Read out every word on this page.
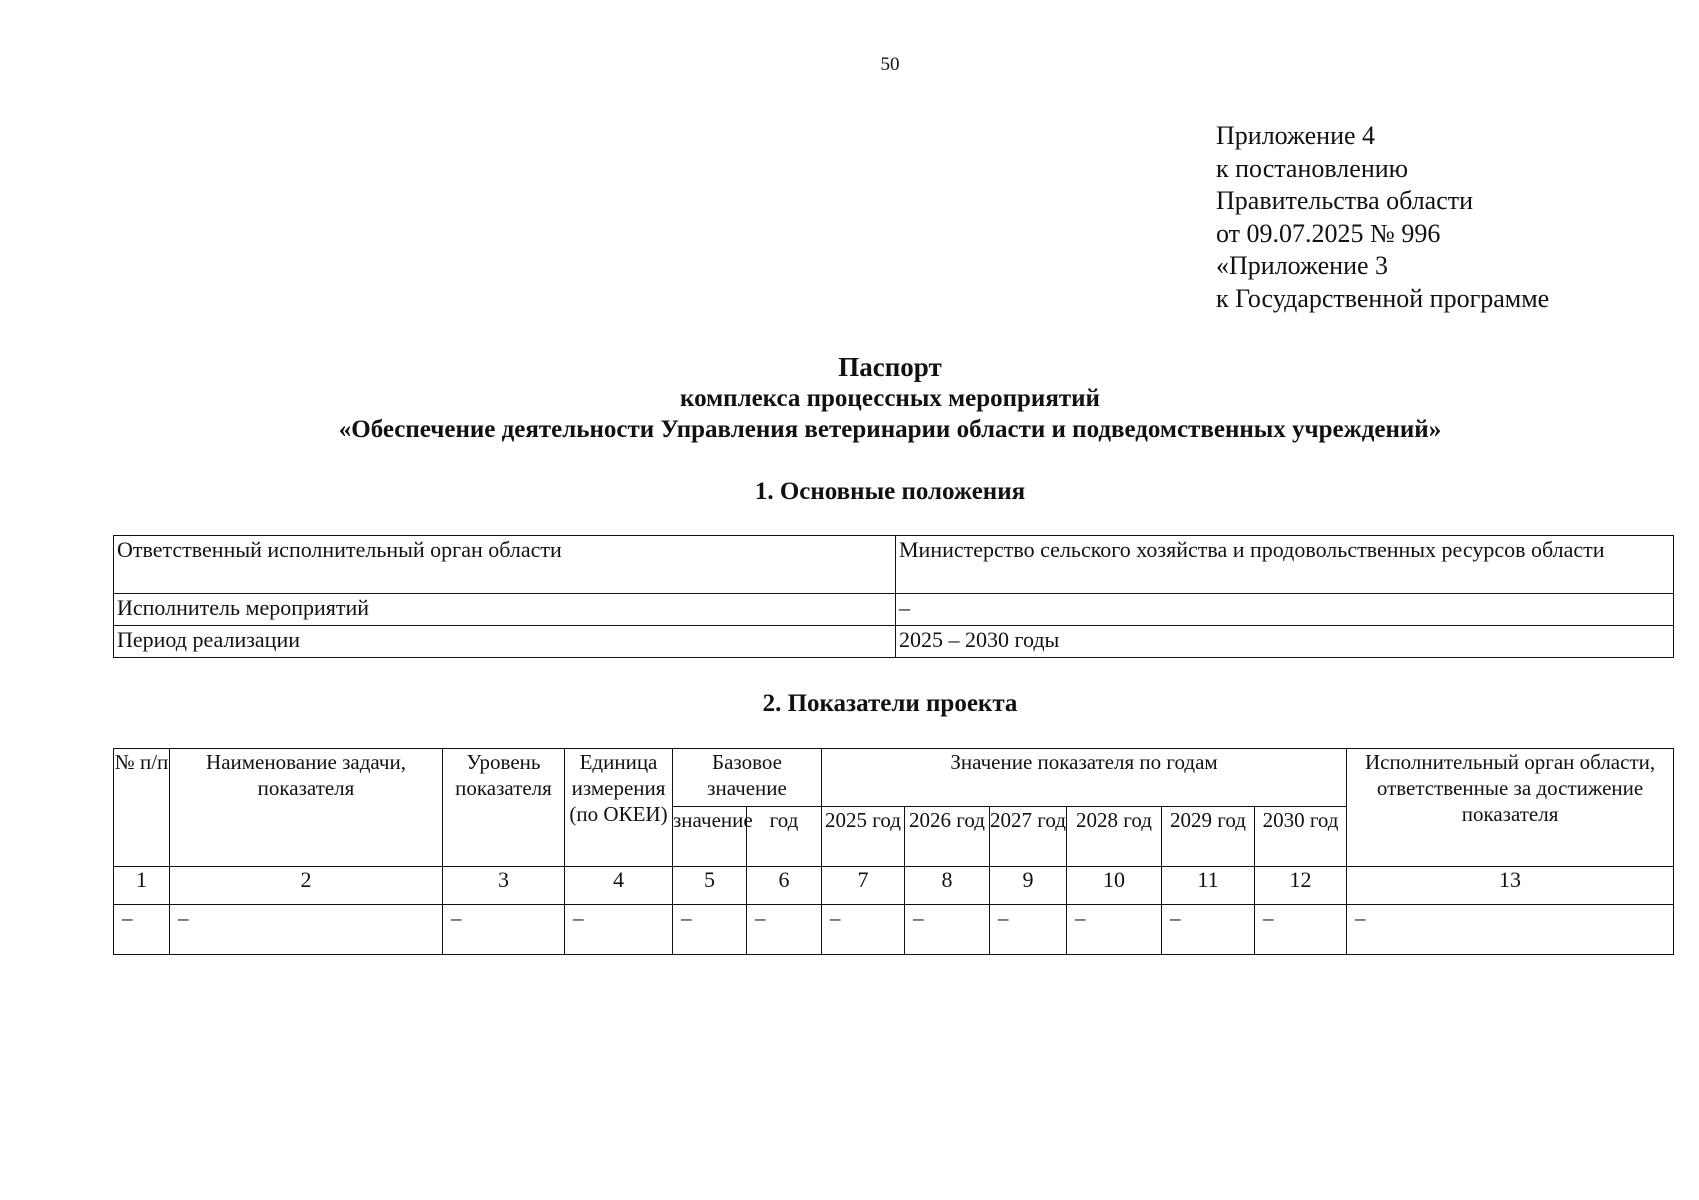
50
Приложение 4
к постановлению
Правительства области
от 09.07.2025 № 996
«Приложение 3
к Государственной программе
Паспорт
комплекса процессных мероприятий
«Обеспечение деятельности Управления ветеринарии области и подведомственных учреждений»
1. Основные положения
Ответственный исполнительный орган области	Министерство сельского хозяйства и продовольственных ресурсов области
Исполнитель мероприятий	–
Период реализации	2025 – 2030 годы
2. Показатели проекта
№ п/п	Наименование задачи, показателя	Уровень показателя	Единица измерения (по ОКЕИ)	Базовое значение		Значение показателя по годам						Исполнительный орган области, ответственные за достижение показателя
				значение	год	2025 год	2026 год	2027 год	2028 год	2029 год	2030 год	
1	2	3	4	5	6	7	8	9	10	11	12	13
–	–	–	–	–	–	–	–	–	–	–	–	–
